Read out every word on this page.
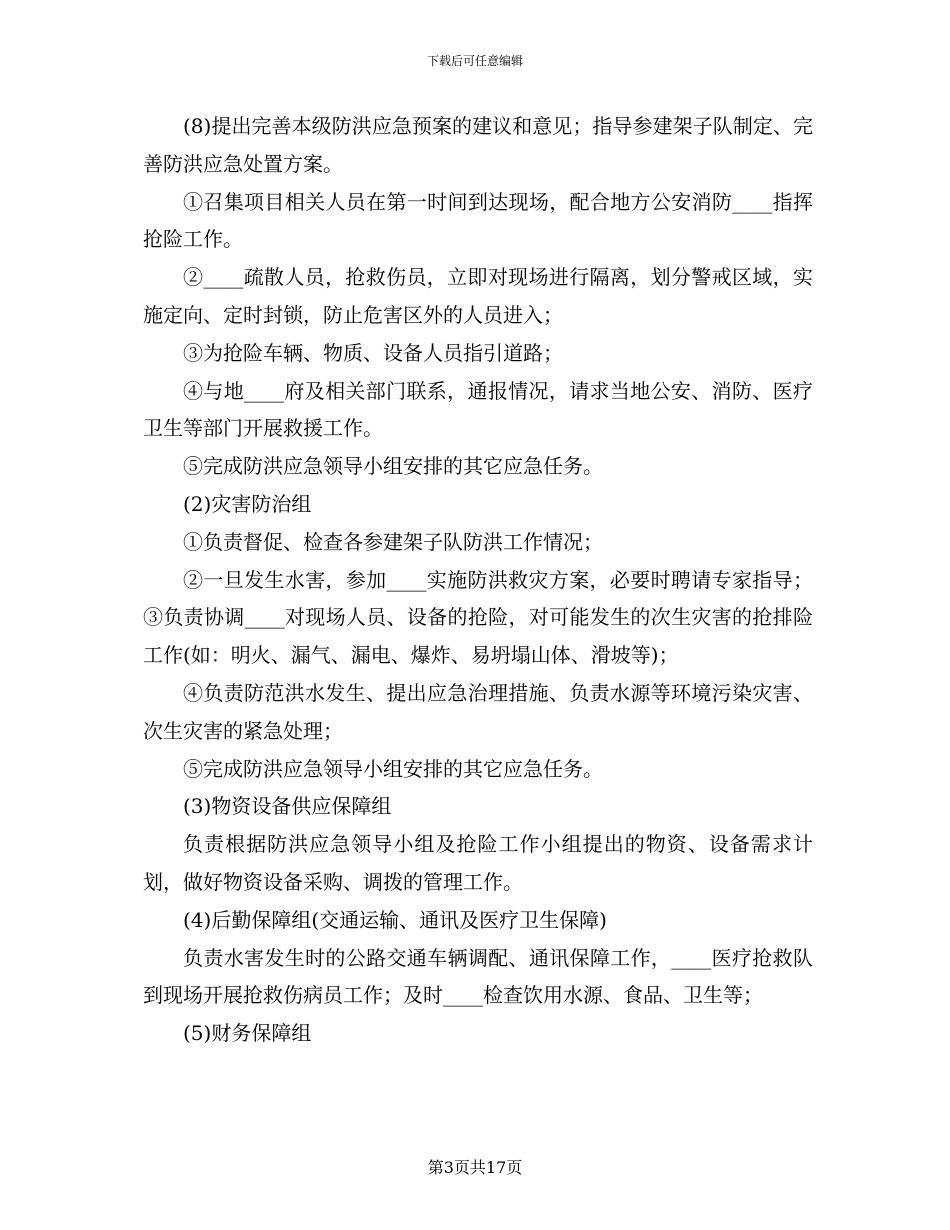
下载后可任意编辑

(8)提出完善本级防洪应急预案的建议和意见；指导参建架子队制定、完善防洪应急处置方案。

①召集项目相关人员在第一时间到达现场，配合地方公安消防____指挥抢险工作。

②____疏散人员，抢救伤员，立即对现场进行隔离，划分警戒区域，实施定向、定时封锁，防止危害区外的人员进入；

③为抢险车辆、物质、设备人员指引道路；

④与地____府及相关部门联系，通报情况，请求当地公安、消防、医疗卫生等部门开展救援工作。

⑤完成防洪应急领导小组安排的其它应急任务。

(2)灾害防治组

①负责督促、检查各参建架子队防洪工作情况；

②一旦发生水害，参加____实施防洪救灾方案，必要时聘请专家指导；③负责协调____对现场人员、设备的抢险，对可能发生的次生灾害的抢排险工作(如：明火、漏气、漏电、爆炸、易坍塌山体、滑坡等)；

④负责防范洪水发生、提出应急治理措施、负责水源等环境污染灾害、次生灾害的紧急处理；

⑤完成防洪应急领导小组安排的其它应急任务。

(3)物资设备供应保障组

负责根据防洪应急领导小组及抢险工作小组提出的物资、设备需求计划，做好物资设备采购、调拨的管理工作。

(4)后勤保障组(交通运输、通讯及医疗卫生保障)

负责水害发生时的公路交通车辆调配、通讯保障工作，____医疗抢救队到现场开展抢救伤病员工作；及时____检查饮用水源、食品、卫生等；

(5)财务保障组

第3页共17页
